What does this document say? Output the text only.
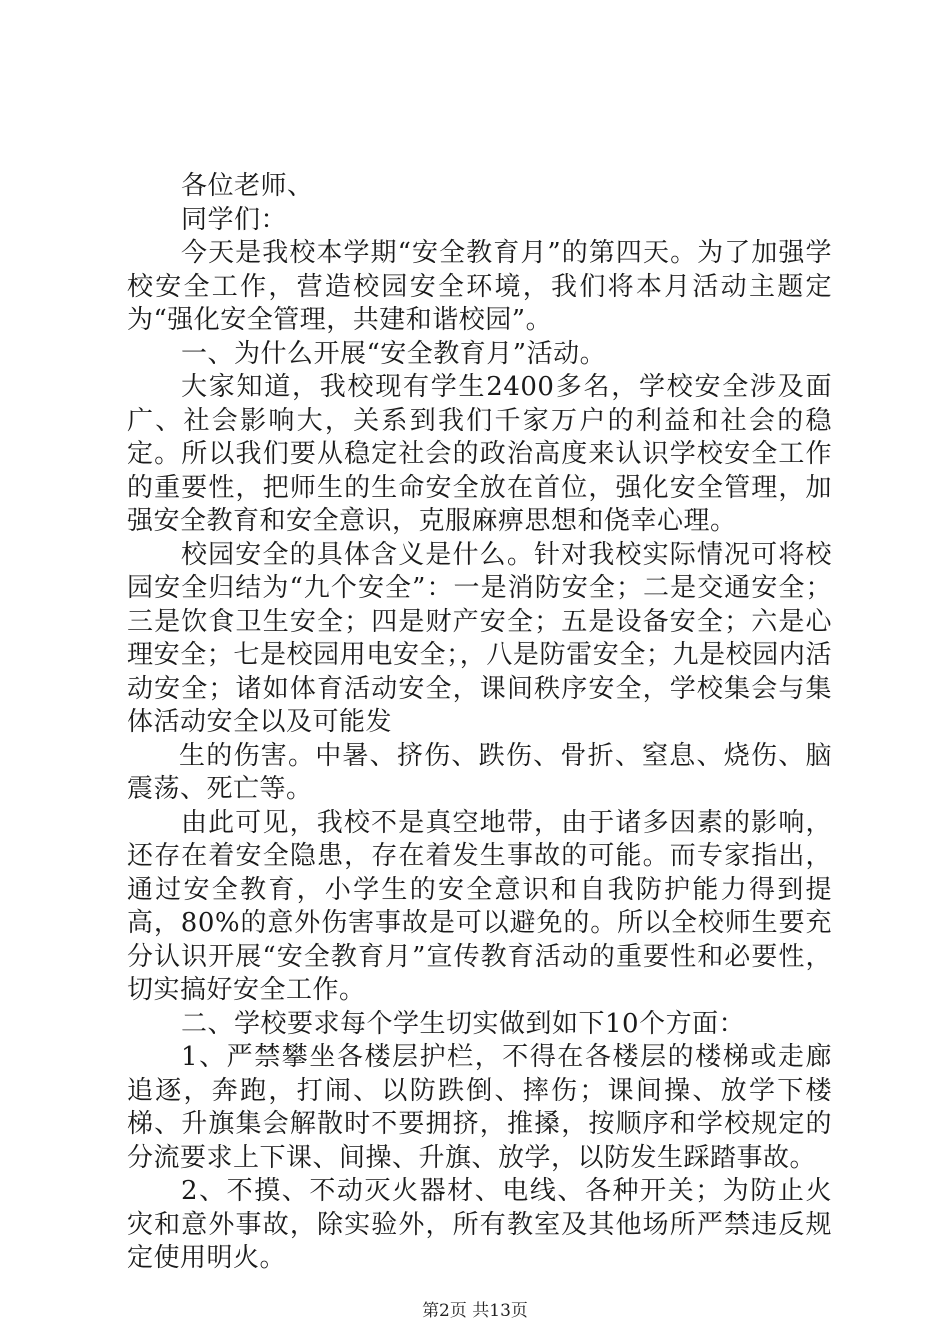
各位老师、

同学们：

今天是我校本学期“安全教育月”的第四天。为了加强学校安全工作，营造校园安全环境，我们将本月活动主题定为“强化安全管理，共建和谐校园”。

一、为什么开展“安全教育月”活动。

大家知道，我校现有学生2400多名，学校安全涉及面广、社会影响大，关系到我们千家万户的利益和社会的稳定。所以我们要从稳定社会的政治高度来认识学校安全工作的重要性，把师生的生命安全放在首位，强化安全管理，加强安全教育和安全意识，克服麻痹思想和侥幸心理。

校园安全的具体含义是什么。针对我校实际情况可将校园安全归结为“九个安全”：一是消防安全；二是交通安全；三是饮食卫生安全；四是财产安全；五是设备安全；六是心理安全；七是校园用电安全；，八是防雷安全；九是校园内活动安全；诸如体育活动安全，课间秩序安全，学校集会与集体活动安全以及可能发

生的伤害。中暑、挤伤、跌伤、骨折、窒息、烧伤、脑震荡、死亡等。

由此可见，我校不是真空地带，由于诸多因素的影响，还存在着安全隐患，存在着发生事故的可能。而专家指出，通过安全教育，小学生的安全意识和自我防护能力得到提高，80%的意外伤害事故是可以避免的。所以全校师生要充分认识开展“安全教育月”宣传教育活动的重要性和必要性，切实搞好安全工作。

二、学校要求每个学生切实做到如下10个方面：

1、严禁攀坐各楼层护栏，不得在各楼层的楼梯或走廊追逐，奔跑，打闹、以防跌倒、摔伤；课间操、放学下楼梯、升旗集会解散时不要拥挤，推搡，按顺序和学校规定的分流要求上下课、间操、升旗、放学，以防发生踩踏事故。

2、不摸、不动灭火器材、电线、各种开关；为防止火灾和意外事故，除实验外，所有教室及其他场所严禁违反规定使用明火。

第2页 共13页
